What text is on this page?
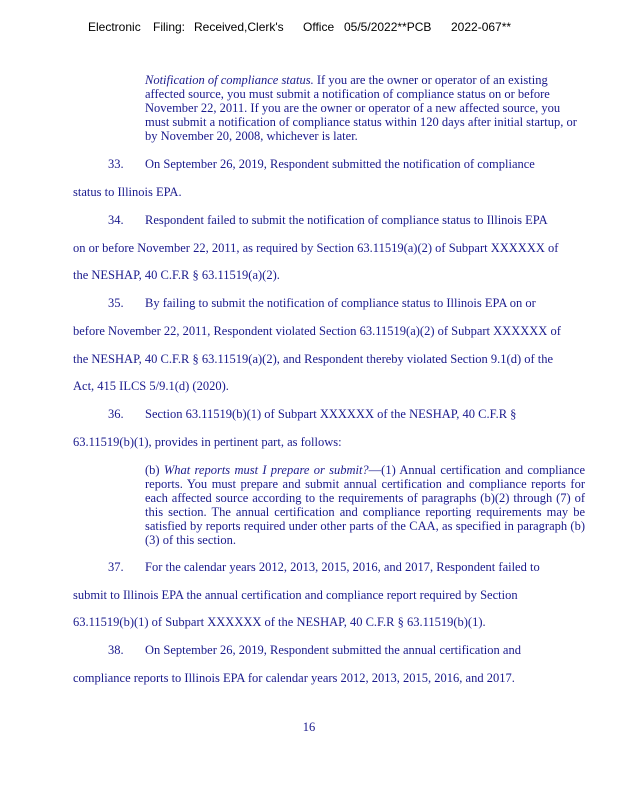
Electronic Filing: Received,Clerk's Office 05/5/2022**PCB 2022-067**
Notification of compliance status. If you are the owner or operator of an existing affected source, you must submit a notification of compliance status on or before November 22, 2011. If you are the owner or operator of a new affected source, you must submit a notification of compliance status within 120 days after initial startup, or by November 20, 2008, whichever is later.
33. On September 26, 2019, Respondent submitted the notification of compliance
status to Illinois EPA.
34. Respondent failed to submit the notification of compliance status to Illinois EPA
on or before November 22, 2011, as required by Section 63.11519(a)(2) of Subpart XXXXXX of
the NESHAP, 40 C.F.R § 63.11519(a)(2).
35. By failing to submit the notification of compliance status to Illinois EPA on or
before November 22, 2011, Respondent violated Section 63.11519(a)(2) of Subpart XXXXXX of
the NESHAP, 40 C.F.R § 63.11519(a)(2), and Respondent thereby violated Section 9.1(d) of the
Act, 415 ILCS 5/9.1(d) (2020).
36. Section 63.11519(b)(1) of Subpart XXXXXX of the NESHAP, 40 C.F.R §
63.11519(b)(1), provides in pertinent part, as follows:
(b) What reports must I prepare or submit?—(1) Annual certification and compliance reports. You must prepare and submit annual certification and compliance reports for each affected source according to the requirements of paragraphs (b)(2) through (7) of this section. The annual certification and compliance reporting requirements may be satisfied by reports required under other parts of the CAA, as specified in paragraph (b)(3) of this section.
37. For the calendar years 2012, 2013, 2015, 2016, and 2017, Respondent failed to
submit to Illinois EPA the annual certification and compliance report required by Section
63.11519(b)(1) of Subpart XXXXXX of the NESHAP, 40 C.F.R § 63.11519(b)(1).
38. On September 26, 2019, Respondent submitted the annual certification and
compliance reports to Illinois EPA for calendar years 2012, 2013, 2015, 2016, and 2017.
16
